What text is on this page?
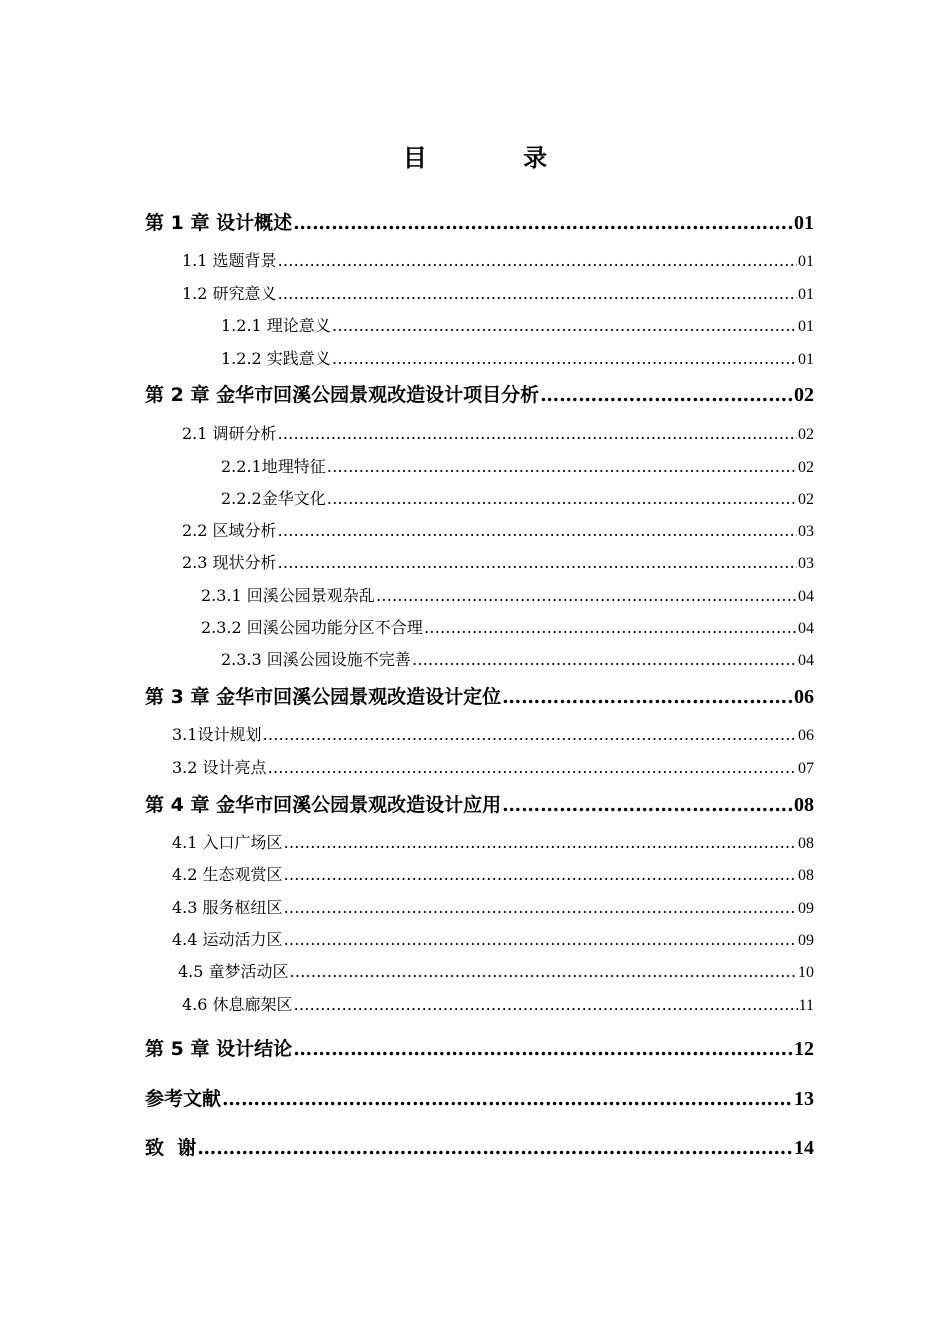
目 录
第 1 章 设计概述 ……………………………………………………………………………………………………………………………………………………………………………………………………………………	01
1.1 选题背景 ……………………………………………………………………………………………………………………………………………………………………………………………………………………	01
1.2 研究意义 ……………………………………………………………………………………………………………………………………………………………………………………………………………………	01
1.2.1 理论意义 ……………………………………………………………………………………………………………………………………………………………………………………………………………………	01
1.2.2 实践意义 ……………………………………………………………………………………………………………………………………………………………………………………………………………………	01
第 2 章 金华市回溪公园景观改造设计项目分析 ……………………………………………………………………………………………………………………………………………………………………………………………………………………	02
2.1 调研分析 ……………………………………………………………………………………………………………………………………………………………………………………………………………………	02
2.2.1地理特征 ……………………………………………………………………………………………………………………………………………………………………………………………………………………	02
2.2.2金华文化 ……………………………………………………………………………………………………………………………………………………………………………………………………………………	02
2.2 区域分析 ……………………………………………………………………………………………………………………………………………………………………………………………………………………	03
2.3 现状分析 ……………………………………………………………………………………………………………………………………………………………………………………………………………………	03
2.3.1 回溪公园景观杂乱 ……………………………………………………………………………………………………………………………………………………………………………………………………………………	04
2.3.2 回溪公园功能分区不合理 ……………………………………………………………………………………………………………………………………………………………………………………………………………………	04
2.3.3 回溪公园设施不完善 ……………………………………………………………………………………………………………………………………………………………………………………………………………………	04
第 3 章 金华市回溪公园景观改造设计定位 ……………………………………………………………………………………………………………………………………………………………………………………………………………………	06
3.1设计规划 ……………………………………………………………………………………………………………………………………………………………………………………………………………………	06
3.2 设计亮点 ……………………………………………………………………………………………………………………………………………………………………………………………………………………	07
第 4 章 金华市回溪公园景观改造设计应用 ……………………………………………………………………………………………………………………………………………………………………………………………………………………	08
4.1 入口广场区 ……………………………………………………………………………………………………………………………………………………………………………………………………………………	08
4.2 生态观赏区 ……………………………………………………………………………………………………………………………………………………………………………………………………………………	08
4.3 服务枢纽区 ……………………………………………………………………………………………………………………………………………………………………………………………………………………	09
4.4 运动活力区 ……………………………………………………………………………………………………………………………………………………………………………………………………………………	09
4.5 童梦活动区 ……………………………………………………………………………………………………………………………………………………………………………………………………………………	10
4.6 休息廊架区 ……………………………………………………………………………………………………………………………………………………………………………………………………………………	11
第 5 章 设计结论 ……………………………………………………………………………………………………………………………………………………………………………………………………………………	12
参考文献 ……………………………………………………………………………………………………………………………………………………………………………………………………………………	13
致  谢 ……………………………………………………………………………………………………………………………………………………………………………………………………………………	14
